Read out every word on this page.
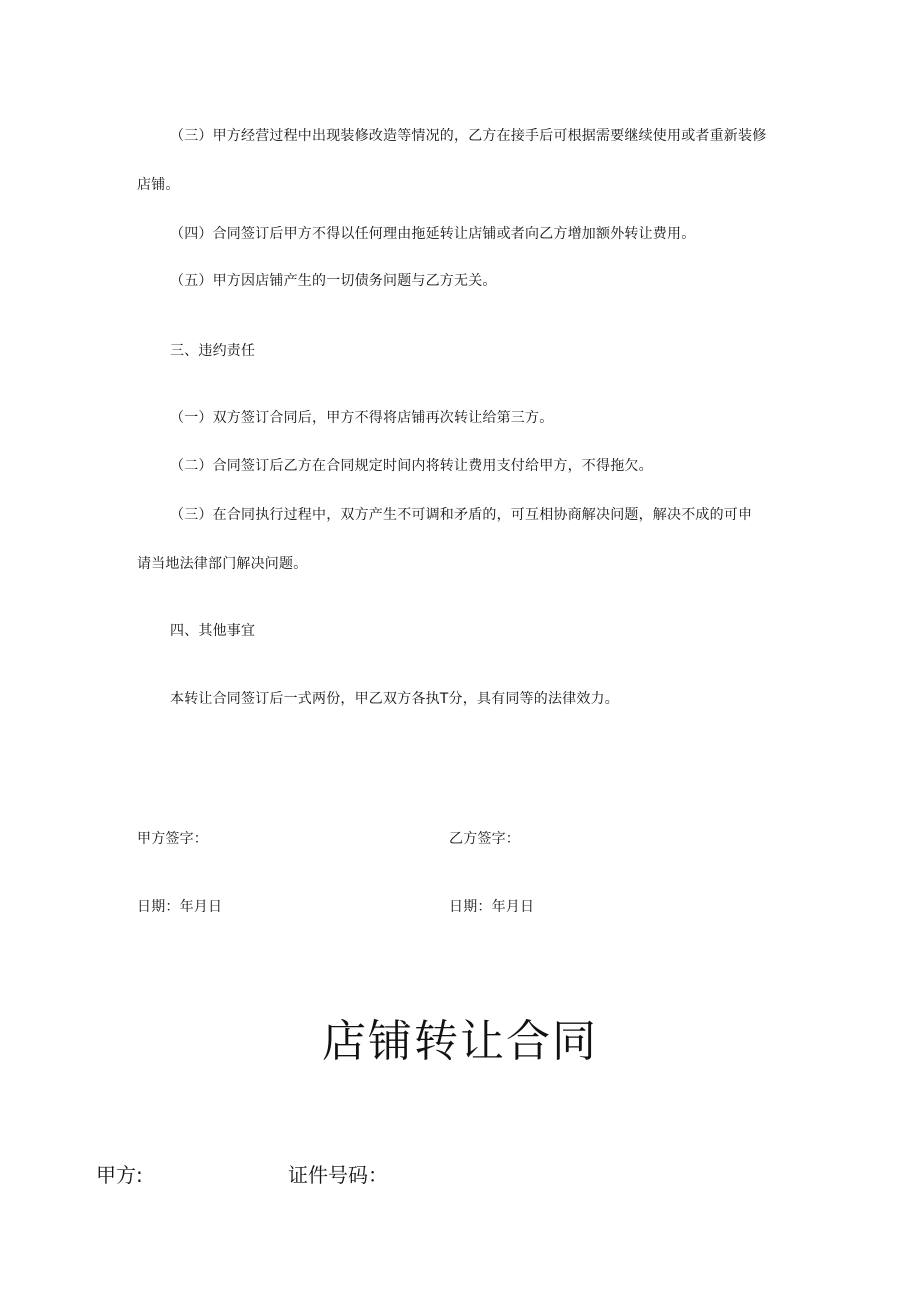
（三）甲方经营过程中出现装修改造等情况的，乙方在接手后可根据需要继续使用或者重新装修
店铺。
（四）合同签订后甲方不得以任何理由拖延转让店铺或者向乙方增加额外转让费用。
（五）甲方因店铺产生的一切债务问题与乙方无关。
三、违约责任
（一）双方签订合同后，甲方不得将店铺再次转让给第三方。
（二）合同签订后乙方在合同规定时间内将转让费用支付给甲方，不得拖欠。
（三）在合同执行过程中，双方产生不可调和矛盾的，可互相协商解决问题，解决不成的可申
请当地法律部门解决问题。
四、其他事宜
本转让合同签订后一式两份，甲乙双方各执T分，具有同等的法律效力。
甲方签字：	乙方签字：
日期：年月日	日期：年月日
店铺转让合同
甲方:	证件号码：
